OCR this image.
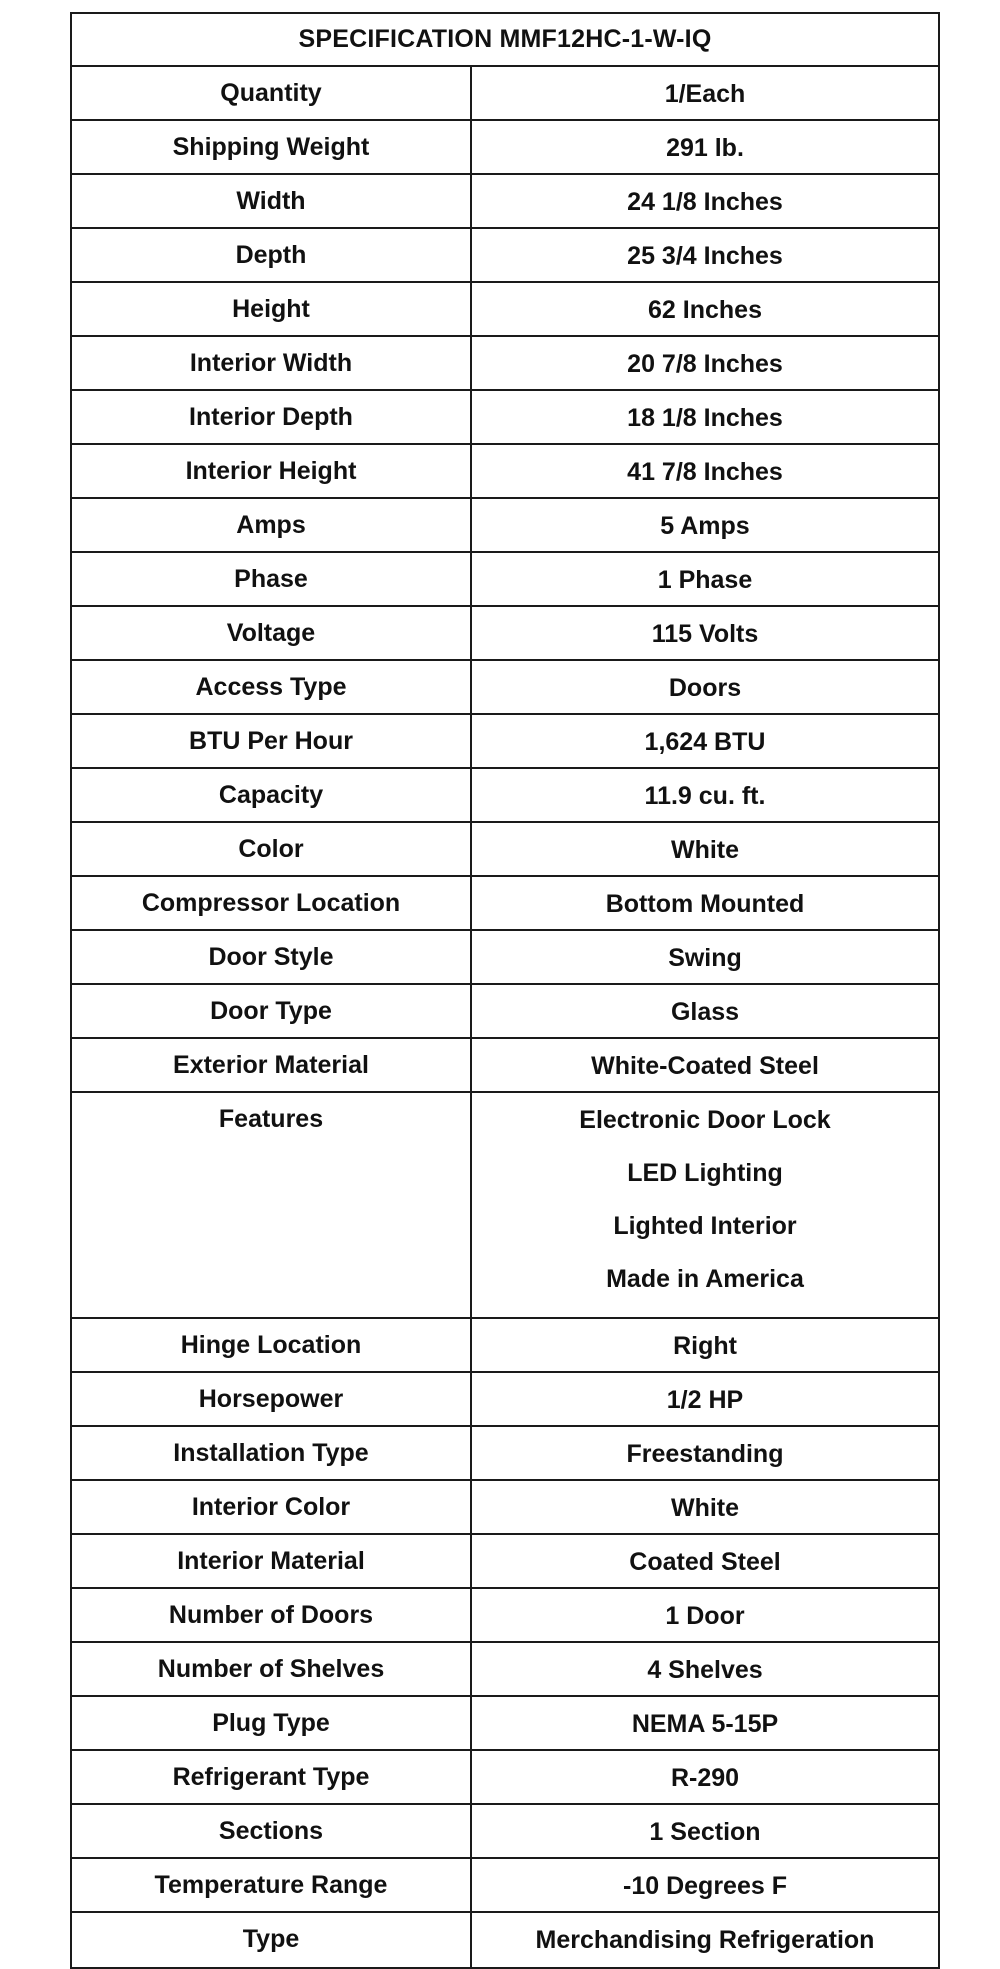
SPECIFICATION MMF12HC-1-W-IQ
Quantity	1/Each
Shipping Weight	291 lb.
Width	24 1/8 Inches
Depth	25 3/4 Inches
Height	62 Inches
Interior Width	20 7/8 Inches
Interior Depth	18 1/8 Inches
Interior Height	41 7/8 Inches
Amps	5 Amps
Phase	1 Phase
Voltage	115 Volts
Access Type	Doors
BTU Per Hour	1,624 BTU
Capacity	11.9 cu. ft.
Color	White
Compressor Location	Bottom Mounted
Door Style	Swing
Door Type	Glass
Exterior Material	White-Coated Steel
Features	Electronic Door Lock
LED Lighting
Lighted Interior
Made in America
Hinge Location	Right
Horsepower	1/2 HP
Installation Type	Freestanding
Interior Color	White
Interior Material	Coated Steel
Number of Doors	1 Door
Number of Shelves	4 Shelves
Plug Type	NEMA 5-15P
Refrigerant Type	R-290
Sections	1 Section
Temperature Range	-10 Degrees F
Type	Merchandising Refrigeration
